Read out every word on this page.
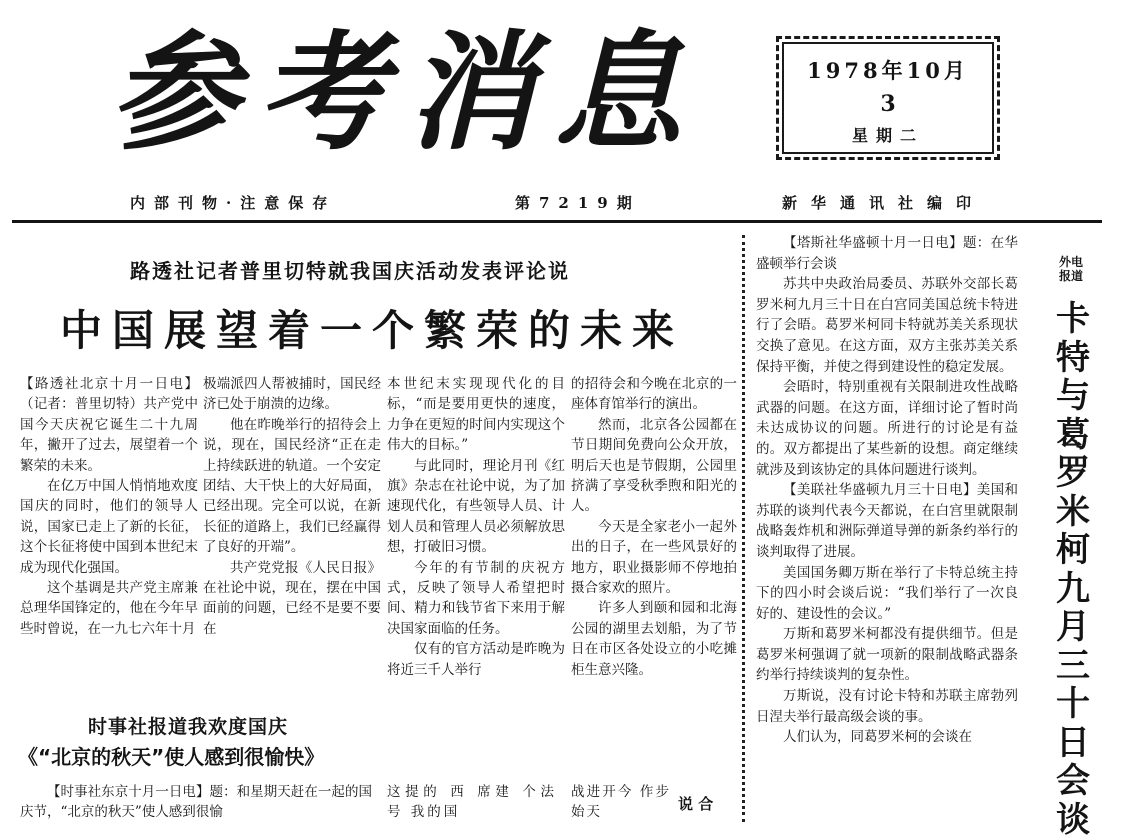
参考消息	1978年10月
3
星期二
内部刊物·注意保存	第7219期	新华通讯社编印
路透社记者普里切特就我国庆活动发表评论说
中国展望着一个繁荣的未来

【路透社北京十月一日电】（记者：普里切特）共产党中国今天庆祝它诞生二十九周年，撇开了过去，展望着一个繁荣的未来。

在亿万中国人悄悄地欢度国庆的同时，他们的领导人说，国家已走上了新的长征，这个长征将使中国到本世纪末成为现代化强国。

这个基调是共产党主席兼总理华国锋定的，他在今年早些时曾说，在一九七六年十月

极端派四人帮被捕时，国民经济已处于崩溃的边缘。

他在昨晚举行的招待会上说，现在，国民经济“正在走上持续跃进的轨道。一个安定团结、大干快上的大好局面，已经出现。完全可以说，在新长征的道路上，我们已经赢得了良好的开端”。

共产党党报《人民日报》在社论中说，现在，摆在中国面前的问题，已经不是要不要在

本世纪末实现现代化的目标，“而是要用更快的速度，力争在更短的时间内实现这个伟大的目标。”

与此同时，理论月刊《红旗》杂志在社论中说，为了加速现代化，有些领导人员、计划人员和管理人员必须解放思想，打破旧习惯。

今年的有节制的庆祝方式，反映了领导人希望把时间、精力和钱节省下来用于解决国家面临的任务。

仅有的官方活动是昨晚为将近三千人举行

的招待会和今晚在北京的一座体育馆举行的演出。

然而，北京各公园都在节日期间免费向公众开放，明后天也是节假期，公园里挤满了享受秋季煦和阳光的人。

今天是全家老小一起外出的日子，在一些风景好的地方，职业摄影师不停地拍摄合家欢的照片。

许多人到颐和园和北海公园的湖里去划船，为了节日在市区各处设立的小吃摊柜生意兴隆。

时事社报道我欢度国庆
《“北京的秋天”使人感到很愉快》

【时事社东京十月一日电】题：和星期天赶在一起的国庆节，“北京的秋天”使人感到很愉

这提的 西 席建 个法号 我的国

战进开今 作步始天	说 合

【塔斯社华盛顿十月一日电】题：在华盛顿举行会谈

苏共中央政治局委员、苏联外交部长葛罗米柯九月三十日在白宫同美国总统卡特进行了会晤。葛罗米柯同卡特就苏美关系现状交换了意见。在这方面，双方主张苏美关系保持平衡，并使之得到建设性的稳定发展。

会晤时，特别重视有关限制进攻性战略武器的问题。在这方面，详细讨论了暂时尚未达成协议的问题。所进行的讨论是有益的。双方都提出了某些新的设想。商定继续就涉及到该协定的具体问题进行谈判。

【美联社华盛顿九月三十日电】美国和苏联的谈判代表今天都说，在白宫里就限制战略轰炸机和洲际弹道导弹的新条约举行的谈判取得了进展。

美国国务卿万斯在举行了卡特总统主持下的四小时会谈后说：“我们举行了一次良好的、建设性的会议。”

万斯和葛罗米柯都没有提供细节。但是葛罗米柯强调了就一项新的限制战略武器条约举行持续谈判的复杂性。

万斯说，没有讨论卡特和苏联主席勃列日涅夫举行最高级会谈的事。

人们认为，同葛罗米柯的会谈在

外电报道
卡特与葛罗米柯九月三十日会谈
